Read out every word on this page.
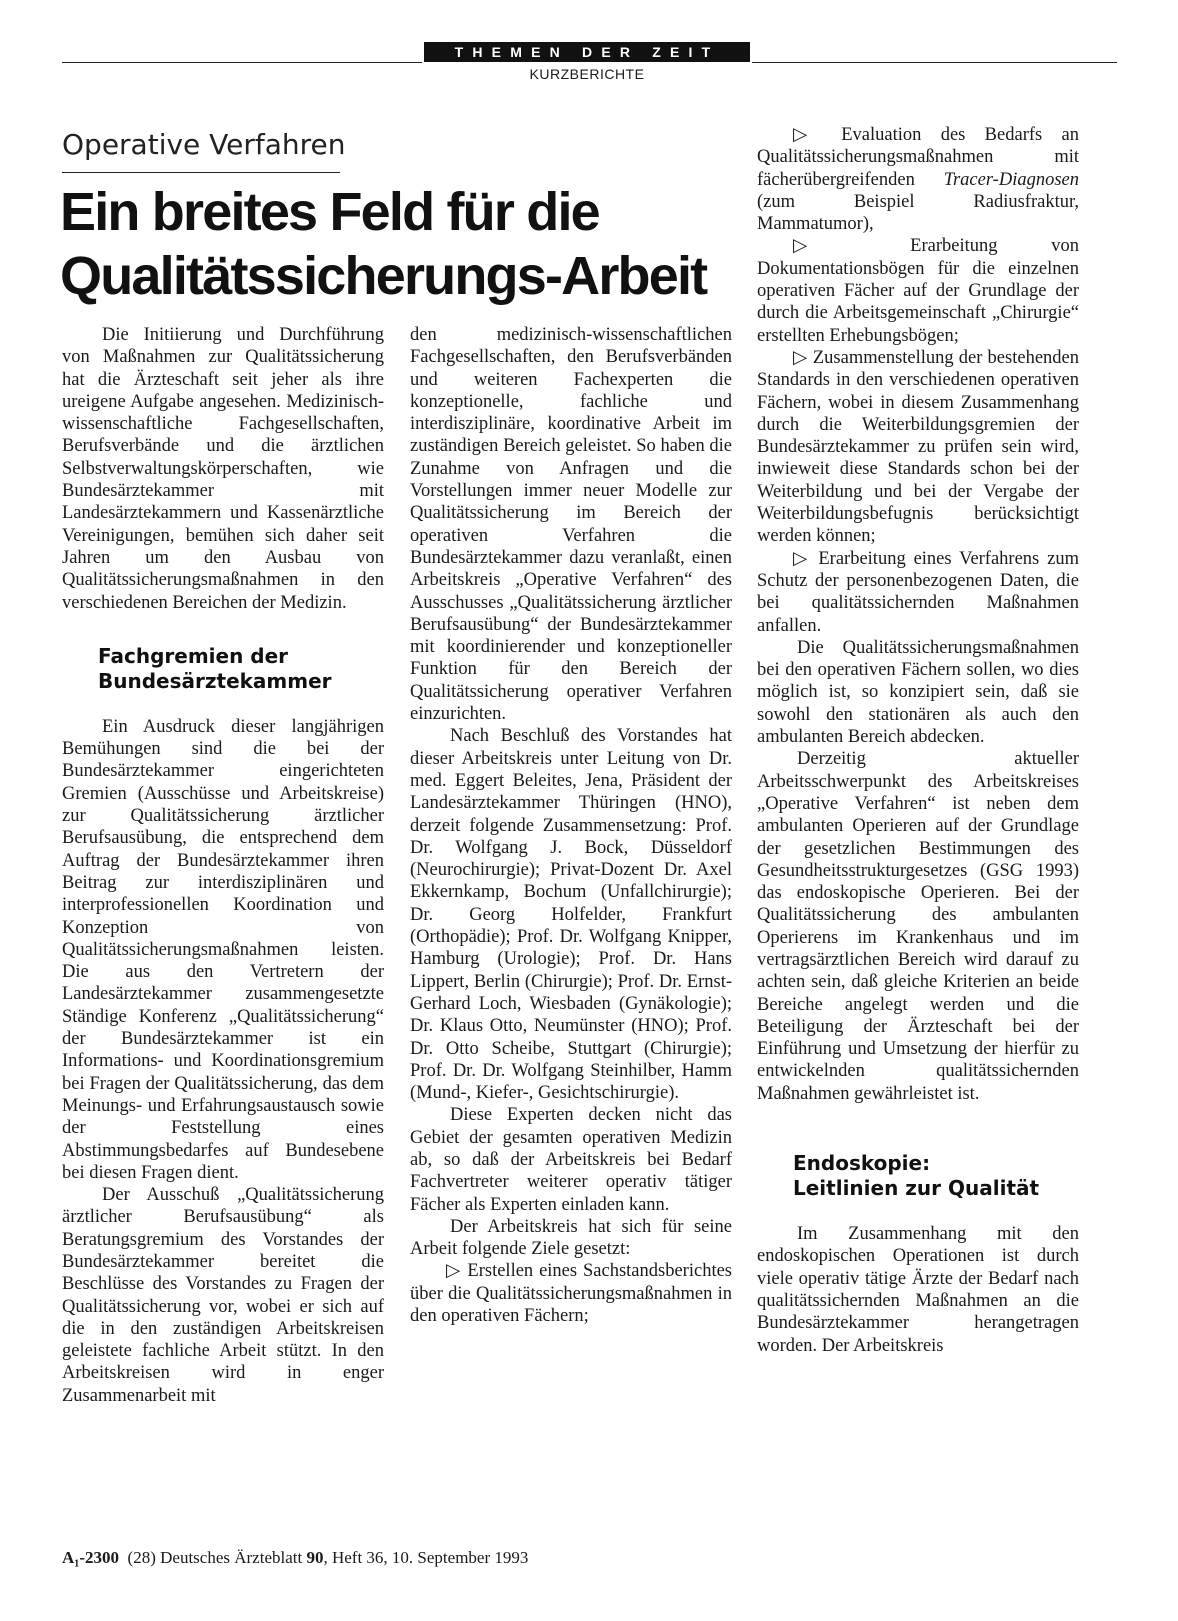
THEMEN DER ZEIT
KURZBERICHTE
Operative Verfahren
Ein breites Feld für die
Qualitätssicherungs-Arbeit

Die Initiierung und Durchführung von Maßnahmen zur Qualitätssicherung hat die Ärzteschaft seit jeher als ihre ureigene Aufgabe angesehen. Medizinisch-wissenschaftliche Fachgesellschaften, Berufsverbände und die ärztlichen Selbstverwaltungskörperschaften, wie Bundesärztekammer mit Landesärztekammern und Kassenärztliche Vereinigungen, bemühen sich daher seit Jahren um den Ausbau von Qualitätssicherungsmaßnahmen in den verschiedenen Bereichen der Medizin.

Fachgremien der
Bundesärztekammer

Ein Ausdruck dieser langjährigen Bemühungen sind die bei der Bundesärztekammer eingerichteten Gremien (Ausschüsse und Arbeitskreise) zur Qualitätssicherung ärztlicher Berufsausübung, die entsprechend dem Auftrag der Bundesärztekammer ihren Beitrag zur interdisziplinären und interprofessionellen Koordination und Konzeption von Qualitätssicherungsmaßnahmen leisten. Die aus den Vertretern der Landesärztekammer zusammengesetzte Ständige Konferenz „Qualitätssicherung“ der Bundesärztekammer ist ein Informations- und Koordinationsgremium bei Fragen der Qualitätssicherung, das dem Meinungs- und Erfahrungsaustausch sowie der Feststellung eines Abstimmungsbedarfes auf Bundesebene bei diesen Fragen dient.

Der Ausschuß „Qualitätssicherung ärztlicher Berufsausübung“ als Beratungsgremium des Vorstandes der Bundesärztekammer bereitet die Beschlüsse des Vorstandes zu Fragen der Qualitätssicherung vor, wobei er sich auf die in den zuständigen Arbeitskreisen geleistete fachliche Arbeit stützt. In den Arbeitskreisen wird in enger Zusammenarbeit mit

den medizinisch-wissenschaftlichen Fachgesellschaften, den Berufsverbänden und weiteren Fachexperten die konzeptionelle, fachliche und interdisziplinäre, koordinative Arbeit im zuständigen Bereich geleistet. So haben die Zunahme von Anfragen und die Vorstellungen immer neuer Modelle zur Qualitätssicherung im Bereich der operativen Verfahren die Bundesärztekammer dazu veranlaßt, einen Arbeitskreis „Operative Verfahren“ des Ausschusses „Qualitätssicherung ärztlicher Berufsausübung“ der Bundesärztekammer mit koordinierender und konzeptioneller Funktion für den Bereich der Qualitätssicherung operativer Verfahren einzurichten.

Nach Beschluß des Vorstandes hat dieser Arbeitskreis unter Leitung von Dr. med. Eggert Beleites, Jena, Präsident der Landesärztekammer Thüringen (HNO), derzeit folgende Zusammensetzung: Prof. Dr. Wolfgang J. Bock, Düsseldorf (Neurochirurgie); Privat-Dozent Dr. Axel Ekkernkamp, Bochum (Unfallchirurgie); Dr. Georg Holfelder, Frankfurt (Orthopädie); Prof. Dr. Wolfgang Knipper, Hamburg (Urologie); Prof. Dr. Hans Lippert, Berlin (Chirurgie); Prof. Dr. Ernst-Gerhard Loch, Wiesbaden (Gynäkologie); Dr. Klaus Otto, Neumünster (HNO); Prof. Dr. Otto Scheibe, Stuttgart (Chirurgie); Prof. Dr. Dr. Wolfgang Steinhilber, Hamm (Mund-, Kiefer-, Gesichtschirurgie).

Diese Experten decken nicht das Gebiet der gesamten operativen Medizin ab, so daß der Arbeitskreis bei Bedarf Fachvertreter weiterer operativ tätiger Fächer als Experten einladen kann.

Der Arbeitskreis hat sich für seine Arbeit folgende Ziele gesetzt:

▷ Erstellen eines Sachstandsberichtes über die Qualitätssicherungsmaßnahmen in den operativen Fächern;

▷ Evaluation des Bedarfs an Qualitätssicherungsmaßnahmen mit fächerübergreifenden Tracer-Diagnosen (zum Beispiel Radiusfraktur, Mammatumor),

▷ Erarbeitung von Dokumentationsbögen für die einzelnen operativen Fächer auf der Grundlage der durch die Arbeitsgemeinschaft „Chirurgie“ erstellten Erhebungsbögen;

▷ Zusammenstellung der bestehenden Standards in den verschiedenen operativen Fächern, wobei in diesem Zusammenhang durch die Weiterbildungsgremien der Bundesärztekammer zu prüfen sein wird, inwieweit diese Standards schon bei der Weiterbildung und bei der Vergabe der Weiterbildungsbefugnis berücksichtigt werden können;

▷ Erarbeitung eines Verfahrens zum Schutz der personenbezogenen Daten, die bei qualitätssichernden Maßnahmen anfallen.

Die Qualitätssicherungsmaßnahmen bei den operativen Fächern sollen, wo dies möglich ist, so konzipiert sein, daß sie sowohl den stationären als auch den ambulanten Bereich abdecken.

Derzeitig aktueller Arbeitsschwerpunkt des Arbeitskreises „Operative Verfahren“ ist neben dem ambulanten Operieren auf der Grundlage der gesetzlichen Bestimmungen des Gesundheitsstrukturgesetzes (GSG 1993) das endoskopische Operieren. Bei der Qualitätssicherung des ambulanten Operierens im Krankenhaus und im vertragsärztlichen Bereich wird darauf zu achten sein, daß gleiche Kriterien an beide Bereiche angelegt werden und die Beteiligung der Ärzteschaft bei der Einführung und Umsetzung der hierfür zu entwickelnden qualitätssichernden Maßnahmen gewährleistet ist.

Endoskopie:
Leitlinien zur Qualität

Im Zusammenhang mit den endoskopischen Operationen ist durch viele operativ tätige Ärzte der Bedarf nach qualitätssichernden Maßnahmen an die Bundesärztekammer herangetragen worden. Der Arbeitskreis

A₁-2300 (28) Deutsches Ärzteblatt 90, Heft 36, 10. September 1993
